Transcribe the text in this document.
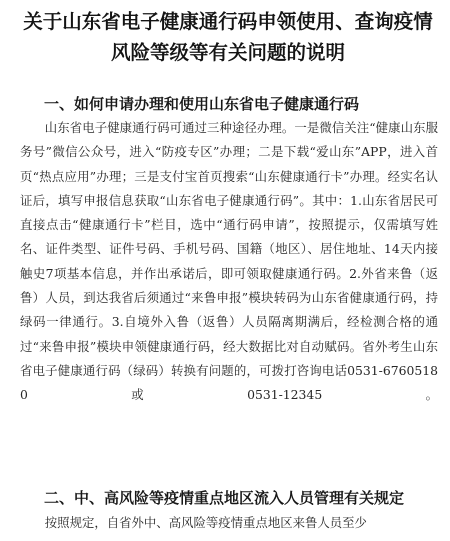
关于山东省电子健康通行码申领使用、查询疫情风险等级等有关问题的说明
一、如何申请办理和使用山东省电子健康通行码

山东省电子健康通行码可通过三种途径办理。一是微信关注“健康山东服务号”微信公众号，进入“防疫专区”办理；二是下载“爱山东”APP，进入首页“热点应用”办理；三是支付宝首页搜索“山东健康通行卡”办理。经实名认证后，填写申报信息获取“山东省电子健康通行码”。其中：1.山东省居民可直接点击“健康通行卡”栏目，选中“通行码申请”，按照提示，仅需填写姓名、证件类型、证件号码、手机号码、国籍（地区）、居住地址、14天内接触史7项基本信息，并作出承诺后，即可领取健康通行码。2.外省来鲁（返鲁）人员，到达我省后须通过“来鲁申报”模块转码为山东省健康通行码，持绿码一律通行。3.自境外入鲁（返鲁）人员隔离期满后，经检测合格的通过“来鲁申报”模块申领健康通行码，经大数据比对自动赋码。省外考生山东省电子健康通行码（绿码）转换有问题的，可拨打咨询电话0531-67605180或0531-12345。

二、中、高风险等疫情重点地区流入人员管理有关规定

按照规定，自省外中、高风险等疫情重点地区来鲁人员至少
